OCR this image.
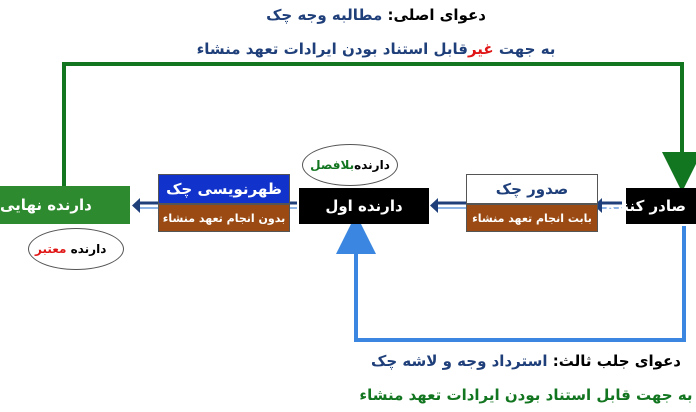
دعوای اصلی: مطالبه وجه چک
به جهت غیرقابل استناد بودن ایرادات تعهد منشاء
صادر کننده
صدور چک
بابت انجام تعهد منشاء
دارنده
بلافصل
دارنده اول
ظهرنویسی چک
بدون انجام تعهد منشاء
دارنده نهایی
دارنده معتبر
دعوای جلب ثالث: استرداد وجه و لاشه چک
به جهت قابل استناد بودن ایرادات تعهد منشاء
